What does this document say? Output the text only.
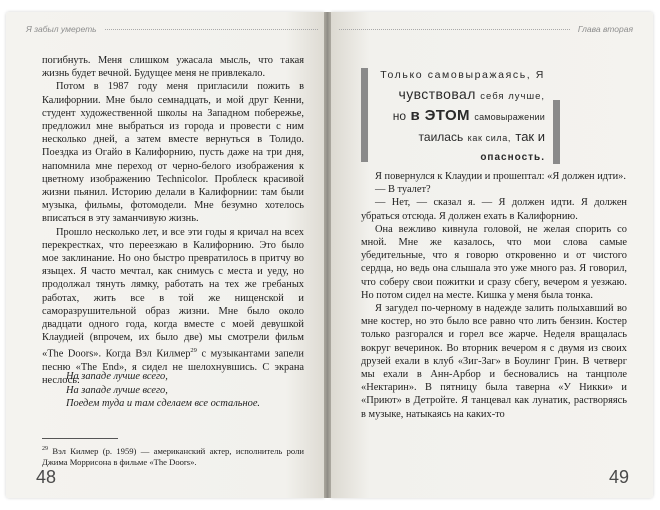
Я забыл умереть

погибнуть. Меня слишком ужасала мысль, что такая жизнь будет вечной. Будущее меня не привлекало.

Потом в 1987 году меня пригласили пожить в Калифорнии. Мне было семнадцать, и мой друг Кенни, студент художественной школы на Западном побережье, предложил мне выбраться из города и провести с ним несколько дней, а затем вместе вернуться в Толидо. Поездка из Огайо в Калифорнию, пусть даже на три дня, напомнила мне переход от черно-белого изображения к цветному изображению Technicolor. Проблеск красивой жизни пьянил. Историю делали в Калифорнии: там были музыка, фильмы, фотомодели. Мне безумно хотелось вписаться в эту заманчивую жизнь.

Прошло несколько лет, и все эти годы я кричал на всех перекрестках, что переезжаю в Калифорнию. Это было мое заклинание. Но оно быстро превратилось в притчу во языцех. Я часто мечтал, как снимусь с места и уеду, но продолжал тянуть лямку, работать на тех же гребаных работах, жить все в той же нищенской и саморазрушительной образ жизни. Мне было около двадцати одного года, когда вместе с моей девушкой Клаудией (впрочем, их было две) мы смотрели фильм «The Doors». Когда Вэл Килмер$^{29}$ с музыкантами запели песню «The End», я сидел не шелохнувшись. С экрана неслось:

На западе лучше всего,
На западе лучше всего,
Поедем туда и там сделаем все остальное.
$^{29}$ Вэл Килмер (р. 1959) — американский актер, исполнитель роли Джима Моррисона в фильме «The Doors».
48
Глава вторая
Только самовыражаясь, Я
чувствовал себя лучше,
но в ЭТОМ самовыражении
таилась как сила, так и
опасность.

Я повернулся к Клаудии и прошептал: «Я должен идти».

— В туалет?

— Нет, — сказал я. — Я должен идти. Я должен убраться отсюда. Я должен ехать в Калифорнию.

Она вежливо кивнула головой, не желая спорить со мной. Мне же казалось, что мои слова самые убедительные, что я говорю откровенно и от чистого сердца, но ведь она слышала это уже много раз. Я говорил, что соберу свои пожитки и сразу сбегу, вечером я уезжаю. Но потом сидел на месте. Кишка у меня была тонка.

Я загудел по-черному в надежде залить полыхавший во мне костер, но это было все равно что лить бензин. Костер только разгорался и горел все жарче. Неделя вращалась вокруг вечеринок. Во вторник вечером я с двумя из своих друзей ехали в клуб «Зиг-Заг» в Боулинг Грин. В четверг мы ехали в Анн-Арбор и бесновались на танцполе «Нектарин». В пятницу была таверна «У Никки» и «Приют» в Детройте. Я танцевал как лунатик, растворяясь в музыке, натыкаясь на каких-то

49
